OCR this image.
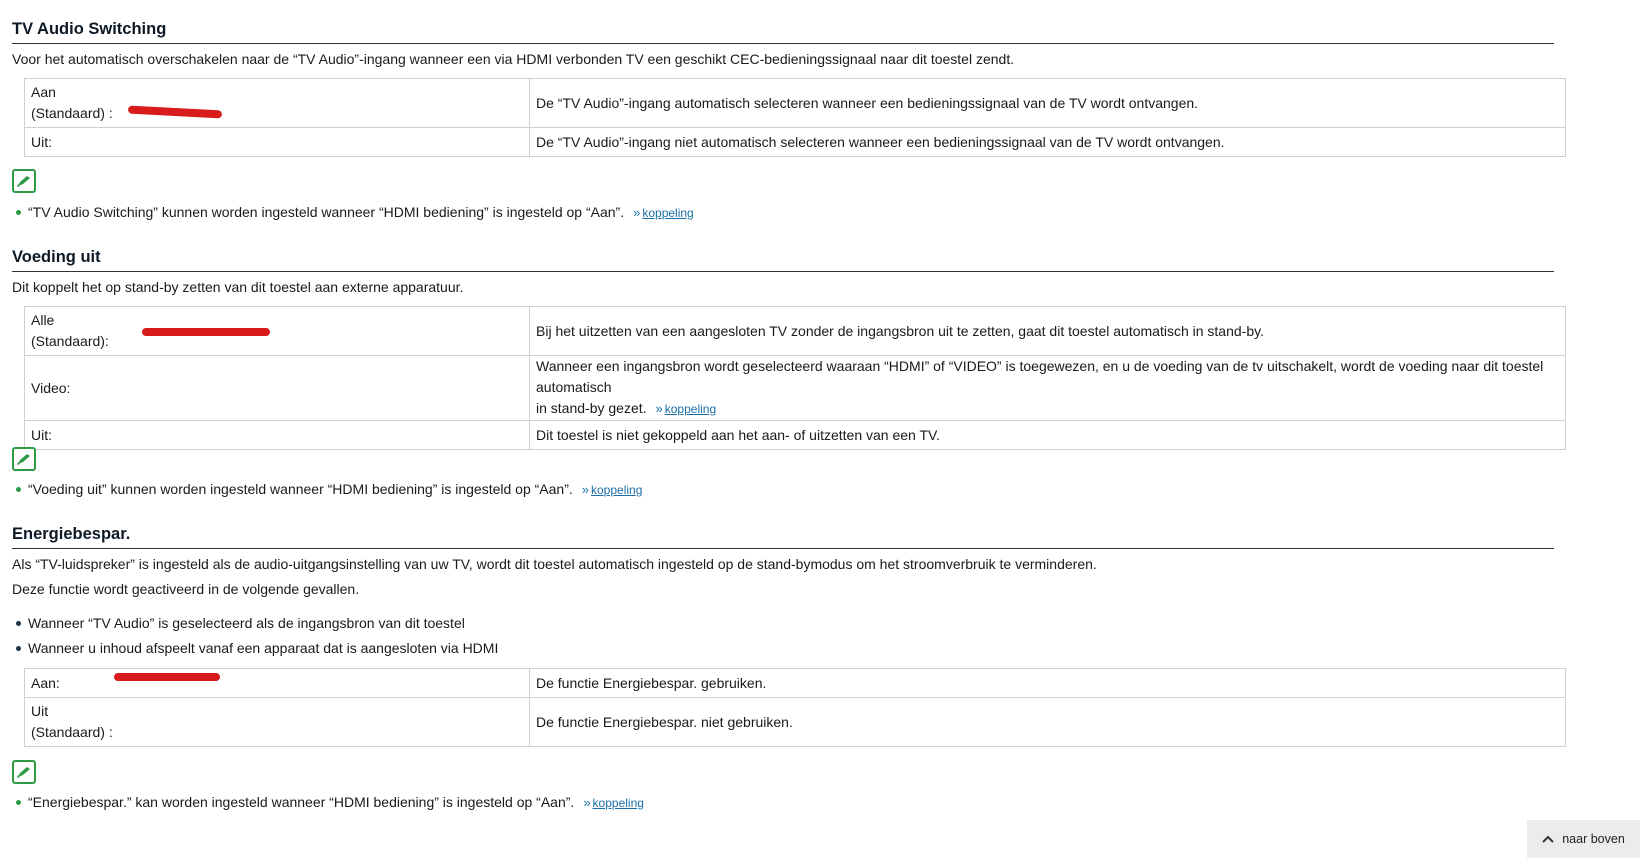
TV Audio Switching

Voor het automatisch overschakelen naar de “TV Audio”-ingang wanneer een via HDMI verbonden TV een geschikt CEC-bedieningssignaal naar dit toestel zendt.

Aan
(Standaard) :	De “TV Audio”-ingang automatisch selecteren wanneer een bedieningssignaal van de TV wordt ontvangen.
Uit:	De “TV Audio”-ingang niet automatisch selecteren wanneer een bedieningssignaal van de TV wordt ontvangen.
“TV Audio Switching” kunnen worden ingesteld wanneer “HDMI bediening” is ingesteld op “Aan”. » koppeling
Voeding uit

Dit koppelt het op stand-by zetten van dit toestel aan externe apparatuur.

Alle
(Standaard):	Bij het uitzetten van een aangesloten TV zonder de ingangsbron uit te zetten, gaat dit toestel automatisch in stand-by.
Video:	Wanneer een ingangsbron wordt geselecteerd waaraan “HDMI” of “VIDEO” is toegewezen, en u de voeding van de tv uitschakelt, wordt de voeding naar dit toestel automatisch
in stand-by gezet. » koppeling
Uit:	Dit toestel is niet gekoppeld aan het aan- of uitzetten van een TV.
“Voeding uit” kunnen worden ingesteld wanneer “HDMI bediening” is ingesteld op “Aan”. » koppeling
Energiebespar.

Als “TV-luidspreker” is ingesteld als de audio-uitgangsinstelling van uw TV, wordt dit toestel automatisch ingesteld op de stand-bymodus om het stroomverbruik te verminderen.

Deze functie wordt geactiveerd in de volgende gevallen.

Wanneer “TV Audio” is geselecteerd als de ingangsbron van dit toestel
Wanneer u inhoud afspeelt vanaf een apparaat dat is aangesloten via HDMI
Aan:	De functie Energiebespar. gebruiken.
Uit
(Standaard) :	De functie Energiebespar. niet gebruiken.
“Energiebespar.” kan worden ingesteld wanneer “HDMI bediening” is ingesteld op “Aan”. » koppeling
naar boven
